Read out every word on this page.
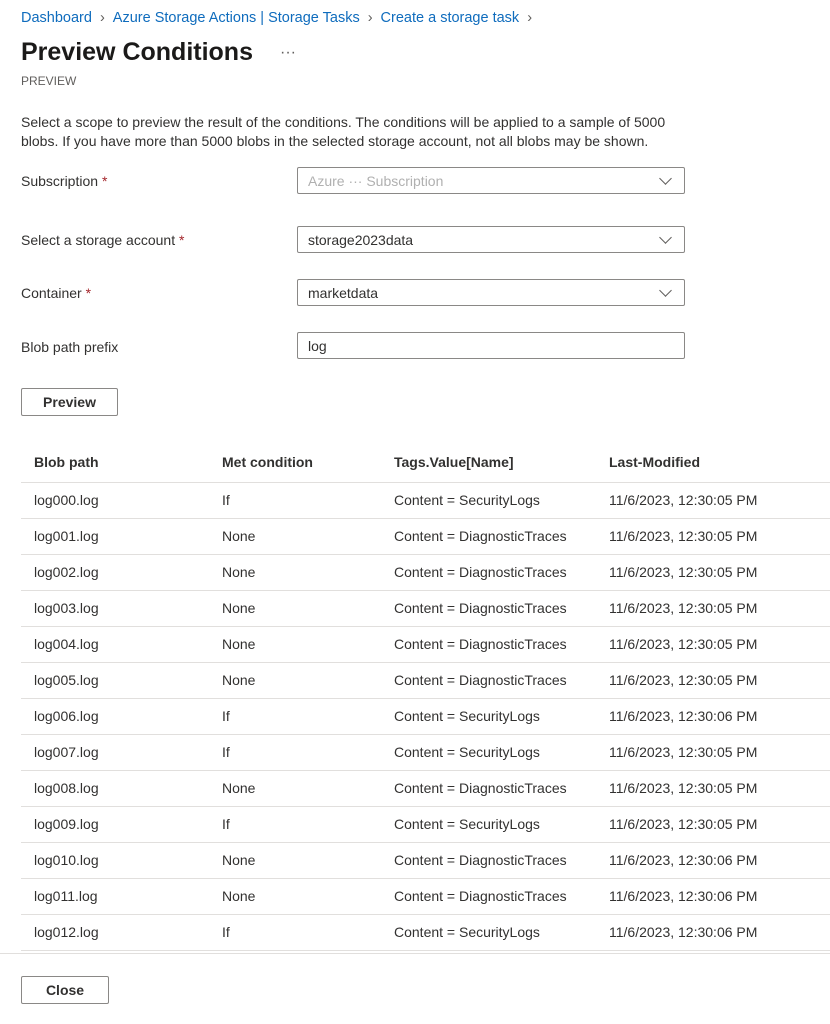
Dashboard › Azure Storage Actions | Storage Tasks › Create a storage task ›
Preview Conditions ···
PREVIEW

Select a scope to preview the result of the conditions. The conditions will be applied to a sample of 5000 blobs. If you have more than 5000 blobs in the selected storage account, not all blobs may be shown.

Subscription *	Azure ··· Subscription
Select a storage account *	storage2023data
Container *	marketdata
Blob path prefix	log
Preview
Blob path	Met condition	Tags.Value[Name]	Last-Modified
log000.log	If	Content = SecurityLogs	11/6/2023, 12:30:05 PM
log001.log	None	Content = DiagnosticTraces	11/6/2023, 12:30:05 PM
log002.log	None	Content = DiagnosticTraces	11/6/2023, 12:30:05 PM
log003.log	None	Content = DiagnosticTraces	11/6/2023, 12:30:05 PM
log004.log	None	Content = DiagnosticTraces	11/6/2023, 12:30:05 PM
log005.log	None	Content = DiagnosticTraces	11/6/2023, 12:30:05 PM
log006.log	If	Content = SecurityLogs	11/6/2023, 12:30:06 PM
log007.log	If	Content = SecurityLogs	11/6/2023, 12:30:05 PM
log008.log	None	Content = DiagnosticTraces	11/6/2023, 12:30:05 PM
log009.log	If	Content = SecurityLogs	11/6/2023, 12:30:05 PM
log010.log	None	Content = DiagnosticTraces	11/6/2023, 12:30:06 PM
log011.log	None	Content = DiagnosticTraces	11/6/2023, 12:30:06 PM
log012.log	If	Content = SecurityLogs	11/6/2023, 12:30:06 PM
Close
